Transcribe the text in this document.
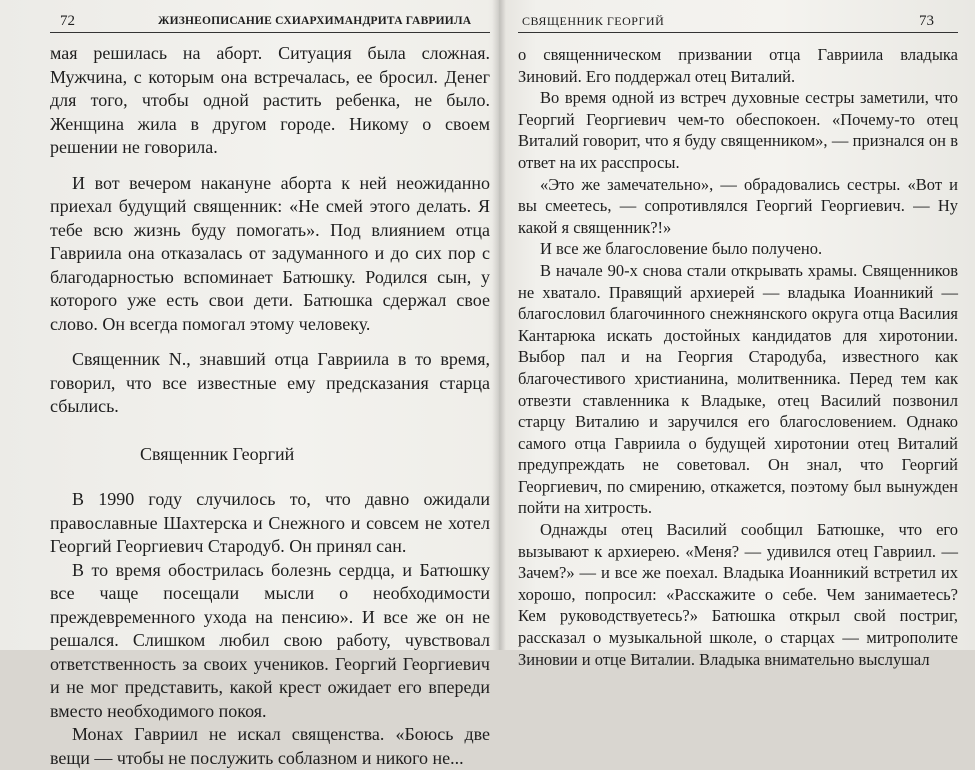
72	ЖИЗНЕОПИСАНИЕ СХИАРХИМАНДРИТА ГАВРИИЛА

мая решилась на аборт. Ситуация была сложная. Мужчина, с которым она встречалась, ее бросил. Денег для того, чтобы одной растить ребенка, не было. Женщина жила в другом городе. Никому о своем решении не говорила.

И вот вечером накануне аборта к ней неожиданно приехал будущий священник: «Не смей этого делать. Я тебе всю жизнь буду помогать». Под влиянием отца Гавриила она отказалась от задуманного и до сих пор с благодарностью вспоминает Батюшку. Родился сын, у которого уже есть свои дети. Батюшка сдержал свое слово. Он всегда помогал этому человеку.

Священник N., знавший отца Гавриила в то время, говорил, что все известные ему предсказания старца сбылись.

Священник Георгий

В 1990 году случилось то, что давно ожидали православные Шахтерска и Снежного и совсем не хотел Георгий Георгиевич Стародуб. Он принял сан.

В то время обострилась болезнь сердца, и Батюшку все чаще посещали мысли о необходимости преждевременного ухода на пенсию». И все же он не решался. Слишком любил свою работу, чувствовал ответственность за своих учеников. Георгий Георгиевич и не мог представить, какой крест ожидает его впереди вместо необходимого покоя.

Монах Гавриил не искал священства. «Боюсь две вещи — чтобы не послужить соблазном и никого не...

СВЯЩЕННИК ГЕОРГИЙ	73

о священническом призвании отца Гавриила владыка Зиновий. Его поддержал отец Виталий.

Во время одной из встреч духовные сестры заметили, что Георгий Георгиевич чем-то обеспокоен. «Почему-то отец Виталий говорит, что я буду священником», — признался он в ответ на их расспросы.

«Это же замечательно», — обрадовались сестры. «Вот и вы смеетесь, — сопротивлялся Георгий Георгиевич. — Ну какой я священник?!»

И все же благословение было получено.

В начале 90-х снова стали открывать храмы. Священников не хватало. Правящий архиерей — владыка Иоанникий — благословил благочинного снежнянского округа отца Василия Кантарюка искать достойных кандидатов для хиротонии. Выбор пал и на Георгия Стародуба, известного как благочестивого христианина, молитвенника. Перед тем как отвезти ставленника к Владыке, отец Василий позвонил старцу Виталию и заручился его благословением. Однако самого отца Гавриила о будущей хиротонии отец Виталий предупреждать не советовал. Он знал, что Георгий Георгиевич, по смирению, откажется, поэтому был вынужден пойти на хитрость.

Однажды отец Василий сообщил Батюшке, что его вызывают к архиерею. «Меня? — удивился отец Гавриил. — Зачем?» — и все же поехал. Владыка Иоанникий встретил их хорошо, попросил: «Расскажите о себе. Чем занимаетесь? Кем руководствуетесь?» Батюшка открыл свой постриг, рассказал о музыкальной школе, о старцах — митрополите Зиновии и отце Виталии. Владыка внимательно выслушал
